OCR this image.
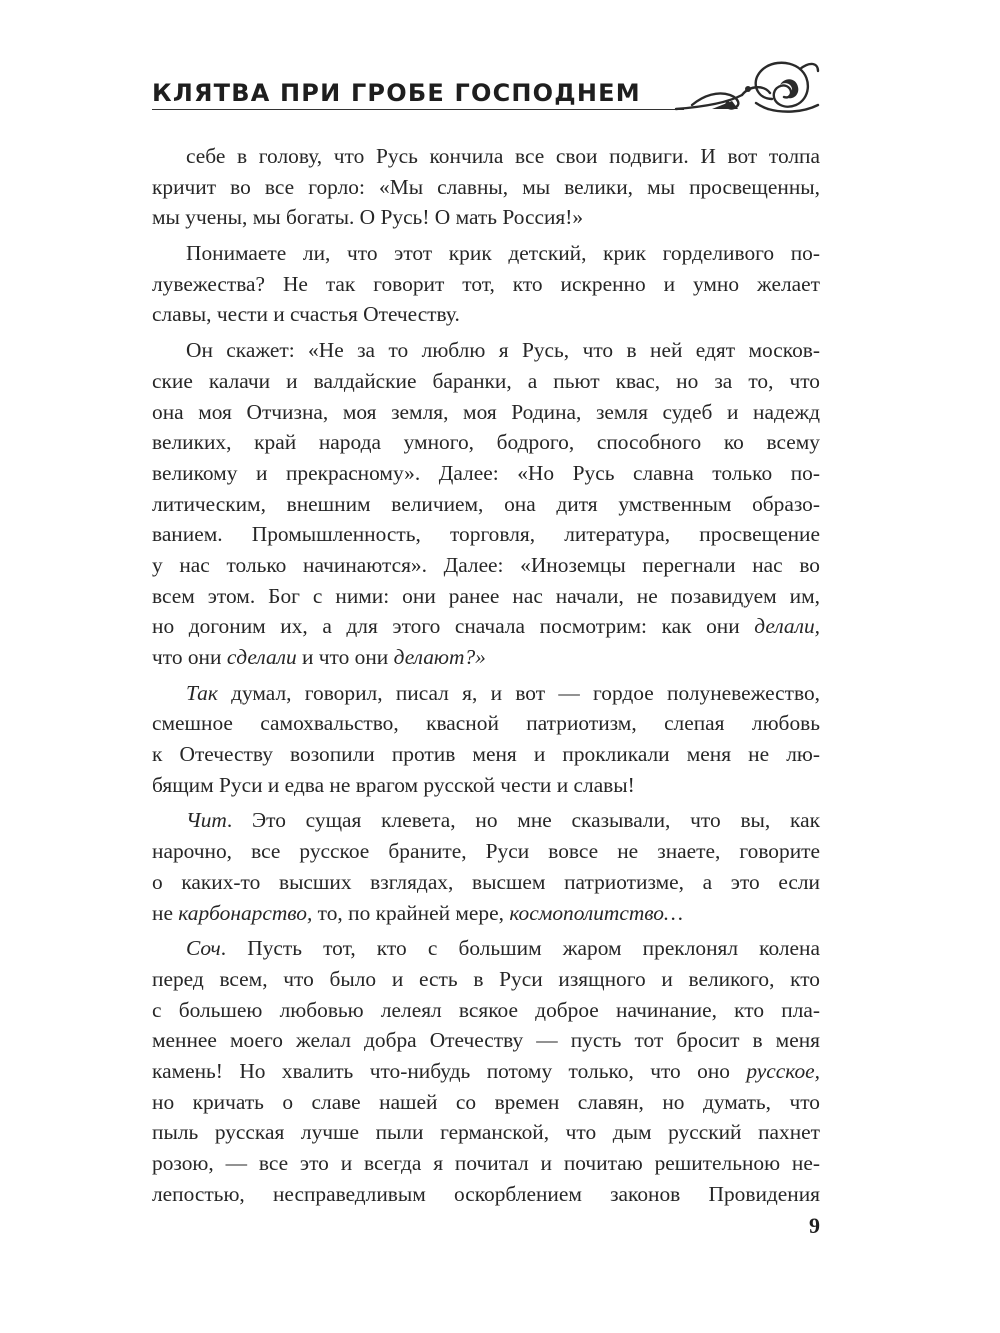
КЛЯТВА ПРИ ГРОБЕ ГОСПОДНЕМ
себе в голову, что Русь кончила все свои подвиги. И вот толпа
кричит во все горло: «Мы славны, мы велики, мы просвещенны,
мы учены, мы богаты. О Русь! О мать Россия!»
Понимаете ли, что этот крик детский, крик горделивого по-
лувежества? Не так говорит тот, кто искренно и умно желает
славы, чести и счастья Отечеству.
Он скажет: «Не за то люблю я Русь, что в ней едят москов-
ские калачи и валдайские баранки, а пьют квас, но за то, что
она моя Отчизна, моя земля, моя Родина, земля судеб и надежд
великих, край народа умного, бодрого, способного ко всему
великому и прекрасному». Далее: «Но Русь славна только по-
литическим, внешним величием, она дитя умственным образо-
ванием. Промышленность, торговля, литература, просвещение
у нас только начинаются». Далее: «Иноземцы перегнали нас во
всем этом. Бог с ними: они ранее нас начали, не позавидуем им,
но догоним их, а для этого сначала посмотрим: как они делали,
что они сделали и что они делают?»
Так думал, говорил, писал я, и вот — гордое полуневежество,
смешное самохвальство, квасной патриотизм, слепая любовь
к Отечеству возопили против меня и прокликали меня не лю-
бящим Руси и едва не врагом русской чести и славы!
Чит. Это сущая клевета, но мне сказывали, что вы, как
нарочно, все русское браните, Руси вовсе не знаете, говорите
о каких-то высших взглядах, высшем патриотизме, а это если
не карбонарство, то, по крайней мере, космополитство…
Соч. Пусть тот, кто с большим жаром преклонял колена
перед всем, что было и есть в Руси изящного и великого, кто
с большею любовью лелеял всякое доброе начинание, кто пла-
меннее моего желал добра Отечеству — пусть тот бросит в меня
камень! Но хвалить что-нибудь потому только, что оно русское,
но кричать о славе нашей со времен славян, но думать, что
пыль русская лучше пыли германской, что дым русский пахнет
розою, — все это и всегда я почитал и почитаю решительною не-
лепостью, несправедливым оскорблением законов Провидения
9
